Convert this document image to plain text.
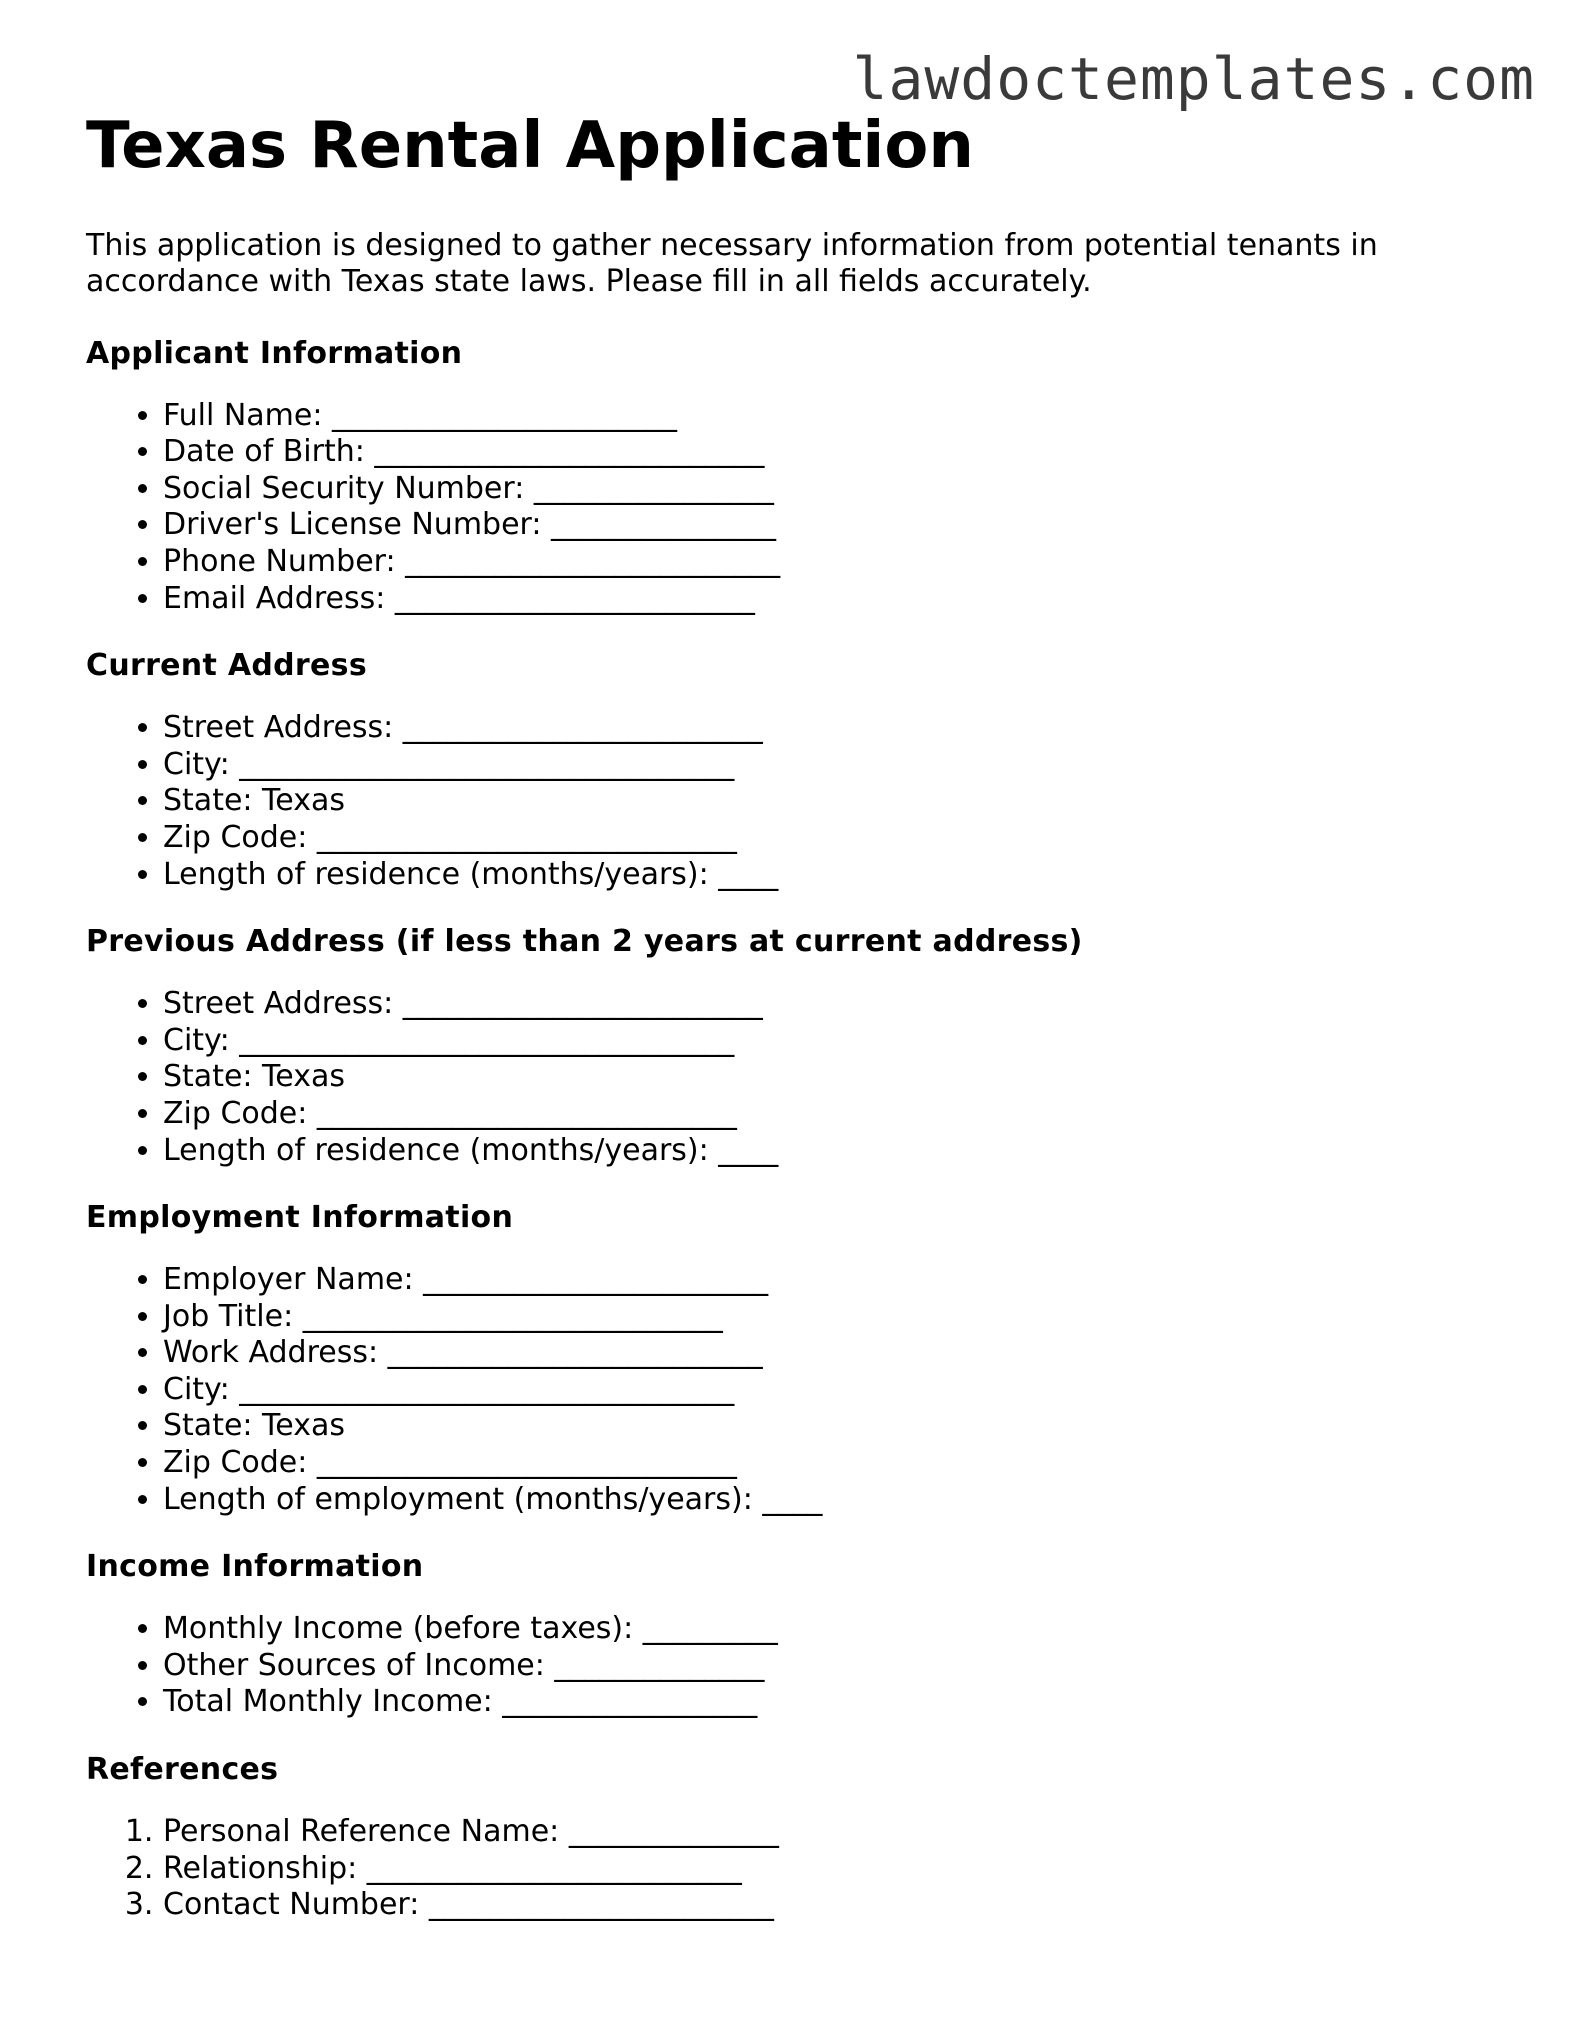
lawdoctemplates.com
Texas Rental Application

This application is designed to gather necessary information from potential tenants in accordance with Texas state laws. Please fill in all fields accurately.

Applicant Information
• Full Name: _______________________
• Date of Birth: __________________________
• Social Security Number: ________________
• Driver's License Number: _______________
• Phone Number: _________________________
• Email Address: ________________________
Current Address
• Street Address: ________________________
• City: _________________________________
• State: Texas
• Zip Code: ____________________________
• Length of residence (months/years): ____
Previous Address (if less than 2 years at current address)
• Street Address: ________________________
• City: _________________________________
• State: Texas
• Zip Code: ____________________________
• Length of residence (months/years): ____
Employment Information
• Employer Name: _______________________
• Job Title: ____________________________
• Work Address: _________________________
• City: _________________________________
• State: Texas
• Zip Code: ____________________________
• Length of employment (months/years): ____
Income Information
• Monthly Income (before taxes): _________
• Other Sources of Income: ______________
• Total Monthly Income: _________________
References
1. Personal Reference Name: ______________
2. Relationship: _________________________
3. Contact Number: _______________________
